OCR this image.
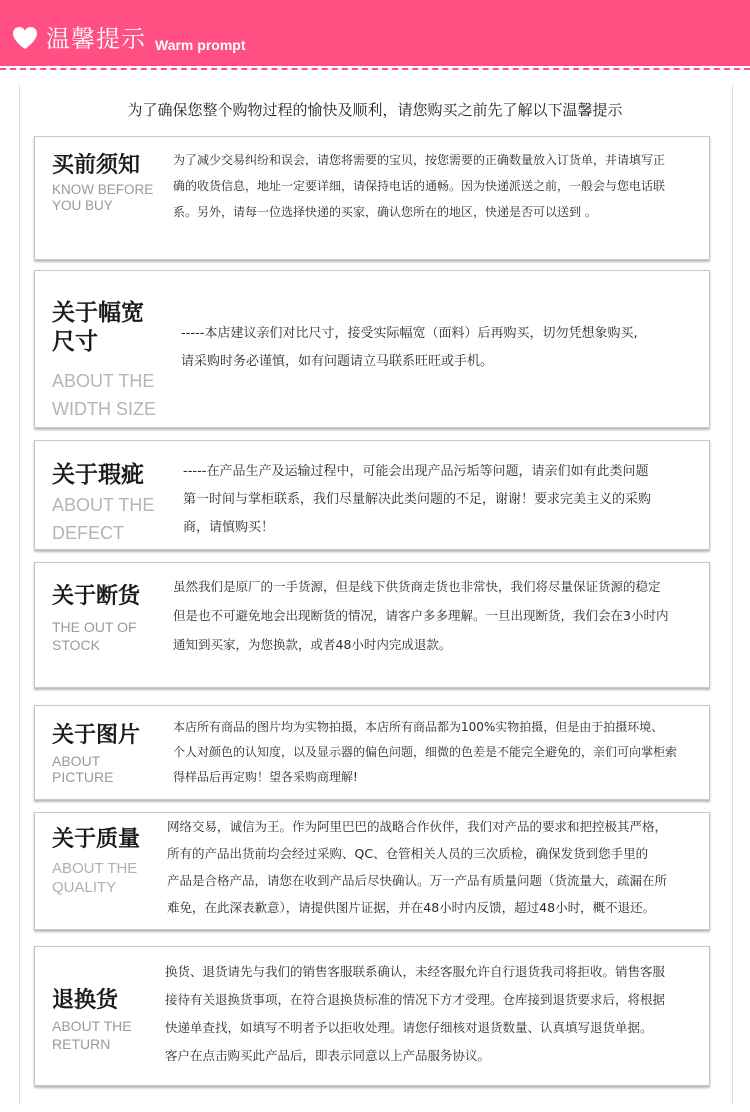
温馨提示 Warm prompt
为了确保您整个购物过程的愉快及顺利，请您购买之前先了解以下温馨提示
买前须知
KNOW BEFORE
YOU BUY
为了减少交易纠纷和误会，请您将需要的宝贝，按您需要的正确数量放入订货单，并请填写正
确的收货信息，地址一定要详细，请保持电话的通畅。因为快递派送之前，一般会与您电话联
系。另外，请每一位选择快递的买家，确认您所在的地区，快递是否可以送到 。
关于幅宽
尺寸
ABOUT THE
WIDTH SIZE
-----本店建议亲们对比尺寸，接受实际幅宽（面料）后再购买，切勿凭想象购买,
请采购时务必谨慎，如有问题请立马联系旺旺或手机。
关于瑕疵
ABOUT THE
DEFECT
-----在产品生产及运输过程中，可能会出现产品污垢等问题，请亲们如有此类问题
第一时间与掌柜联系，我们尽量解决此类问题的不足，谢谢！要求完美主义的采购
商，请慎购买！
关于断货
THE OUT OF
STOCK
虽然我们是原厂的一手货源，但是线下供货商走货也非常快，我们将尽量保证货源的稳定
但是也不可避免地会出现断货的情况，请客户多多理解。一旦出现断货，我们会在3小时内
通知到买家，为您换款，或者48小时内完成退款。
关于图片
ABOUT
PICTURE
本店所有商品的图片均为实物拍摄，本店所有商品都为100%实物拍摄，但是由于拍摄环境、
个人对颜色的认知度，以及显示器的偏色问题，细微的色差是不能完全避免的，亲们可向掌柜索
得样品后再定购！望各采购商理解!
关于质量
ABOUT THE
QUALITY
网络交易，诚信为王。作为阿里巴巴的战略合作伙伴，我们对产品的要求和把控极其严格，
所有的产品出货前均会经过采购、QC、仓管相关人员的三次质检，确保发货到您手里的
产品是合格产品，请您在收到产品后尽快确认。万一产品有质量问题（货流量大，疏漏在所
难免，在此深表歉意），请提供图片证据，并在48小时内反馈，超过48小时，概不退还。
退换货
ABOUT THE
RETURN
换货、退货请先与我们的销售客服联系确认，未经客服允许自行退货我司将拒收。销售客服
接待有关退换货事项，在符合退换货标准的情况下方才受理。仓库接到退货要求后，将根据
快递单查找，如填写不明者予以拒收处理。请您仔细核对退货数量、认真填写退货单据。
客户在点击购买此产品后，即表示同意以上产品服务协议。
